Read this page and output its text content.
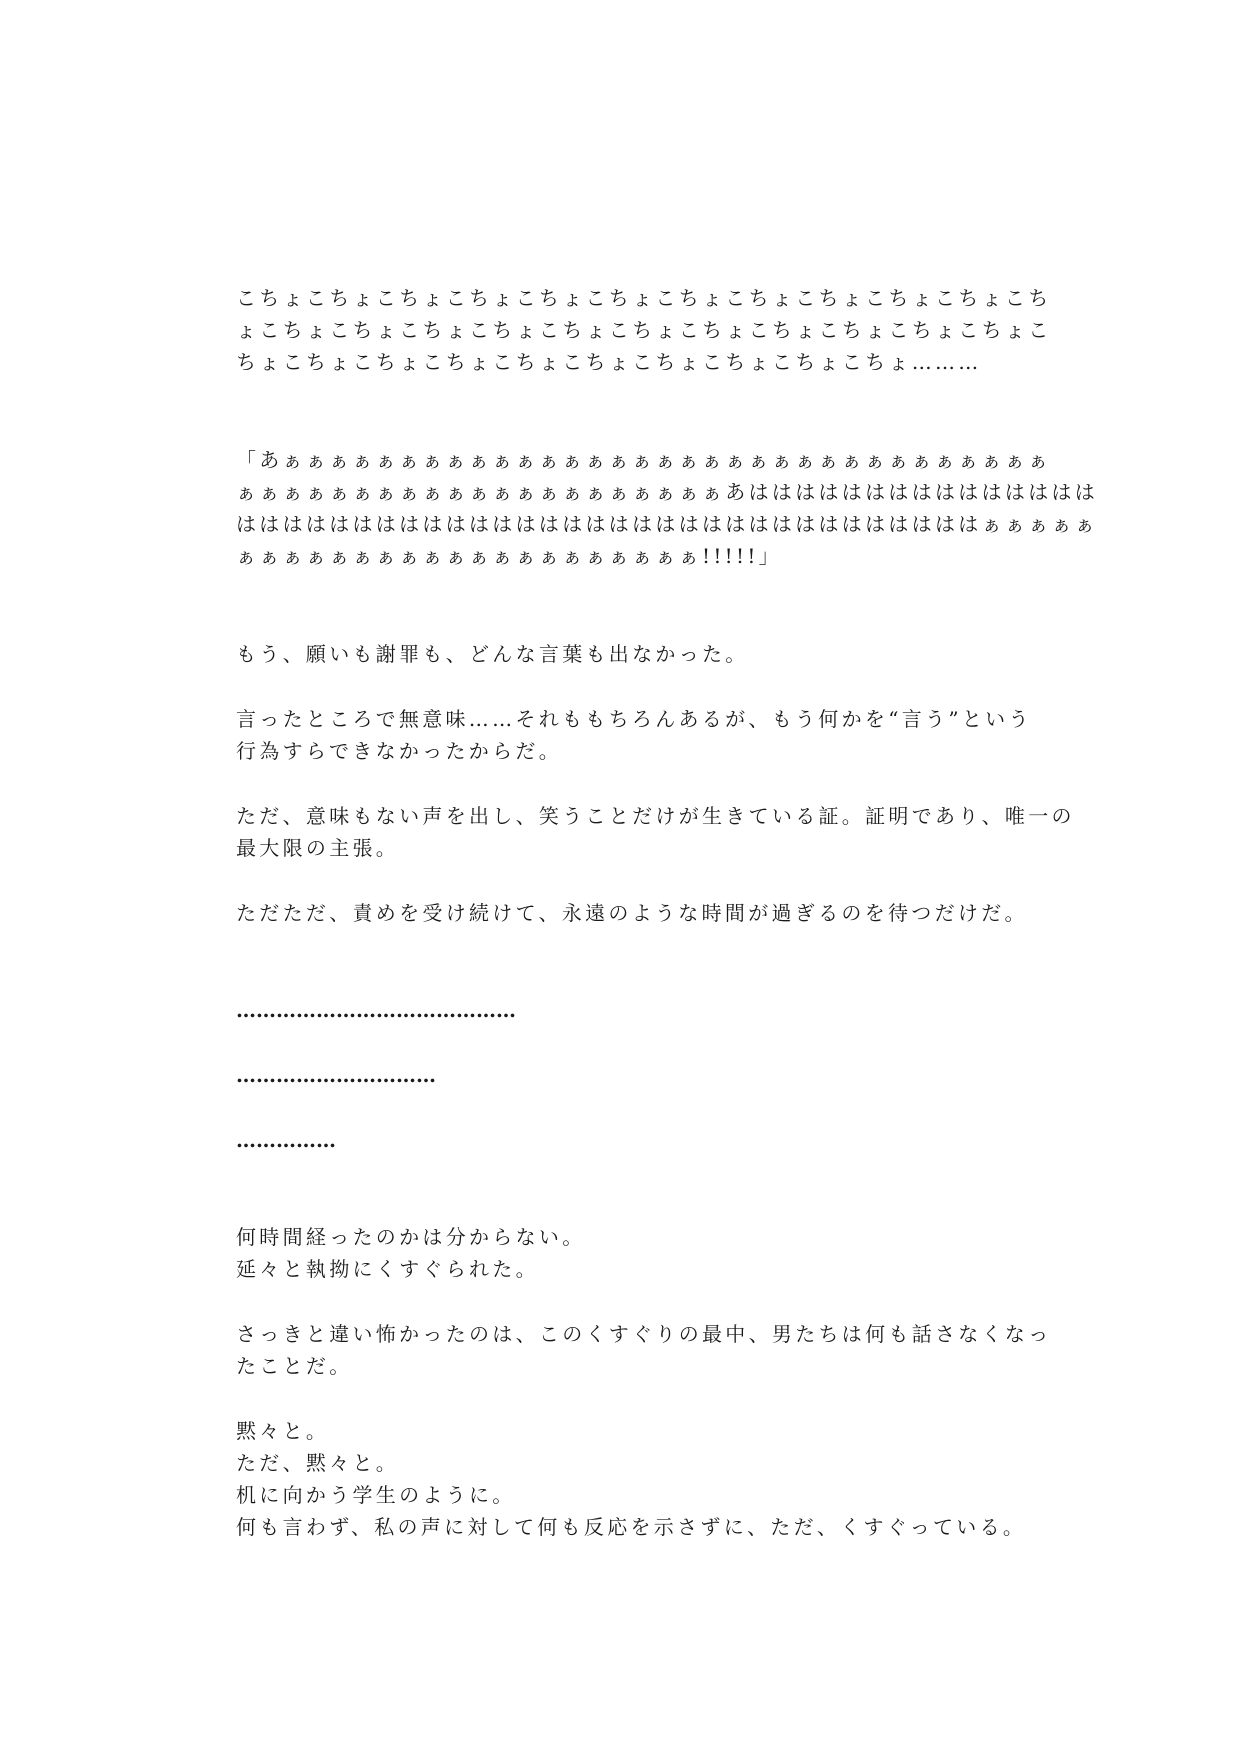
こちょこちょこちょこちょこちょこちょこちょこちょこちょこちょこちょこち
ょこちょこちょこちょこちょこちょこちょこちょこちょこちょこちょこちょこ
ちょこちょこちょこちょこちょこちょこちょこちょこちょこちょ………
「あぁぁぁぁぁぁぁぁぁぁぁぁぁぁぁぁぁぁぁぁぁぁぁぁぁぁぁぁぁぁぁぁぁ
ぁぁぁぁぁぁぁぁぁぁぁぁぁぁぁぁぁぁぁぁぁあははははははははははははははは
ははははははははははははははははははははははははははははははははぁぁぁぁぁ
ぁぁぁぁぁぁぁぁぁぁぁぁぁぁぁぁぁぁぁぁ!!!!!」
もう、願いも謝罪も、どんな言葉も出なかった。
言ったところで無意味……それももちろんあるが、もう何かを“言う”という
行為すらできなかったからだ。
ただ、意味もない声を出し、笑うことだけが生きている証。証明であり、唯一の
最大限の主張。
ただただ、責めを受け続けて、永遠のような時間が過ぎるのを待つだけだ。
……………………………………
…………………………
……………
何時間経ったのかは分からない。
延々と執拗にくすぐられた。
さっきと違い怖かったのは、このくすぐりの最中、男たちは何も話さなくなっ
たことだ。
黙々と。
ただ、黙々と。
机に向かう学生のように。
何も言わず、私の声に対して何も反応を示さずに、ただ、くすぐっている。
